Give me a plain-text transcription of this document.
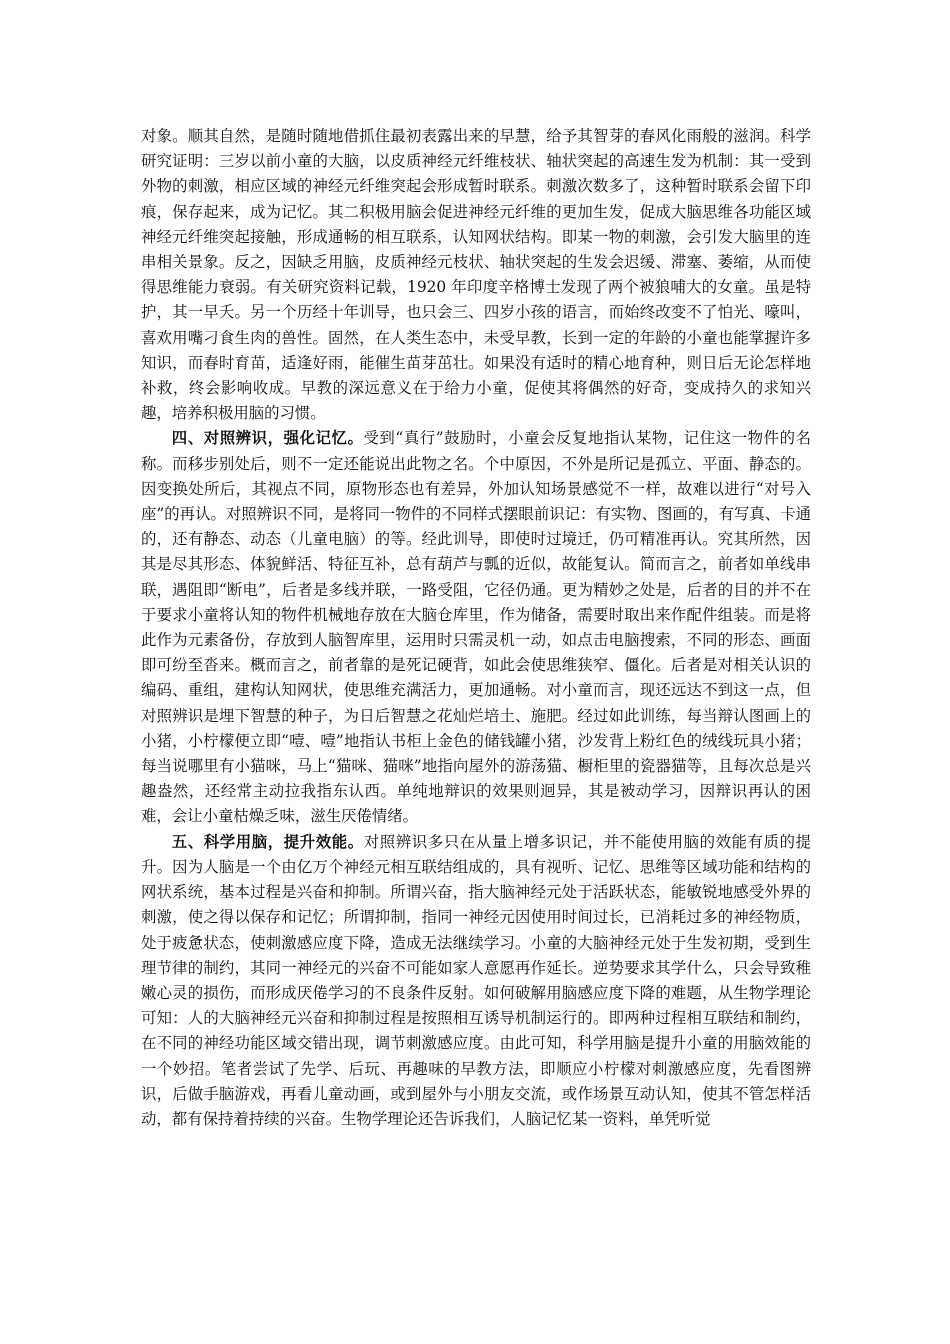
对象。顺其自然，是随时随地借抓住最初表露出来的早慧，给予其智芽的春风化雨般的滋润。科学研究证明：三岁以前小童的大脑，以皮质神经元纤维枝状、轴状突起的高速生发为机制：其一受到外物的刺激，相应区域的神经元纤维突起会形成暂时联系。刺激次数多了，这种暂时联系会留下印痕，保存起来，成为记忆。其二积极用脑会促进神经元纤维的更加生发，促成大脑思维各功能区域神经元纤维突起接触，形成通畅的相互联系，认知网状结构。即某一物的刺激，会引发大脑里的连串相关景象。反之，因缺乏用脑，皮质神经元枝状、轴状突起的生发会迟缓、滞塞、萎缩，从而使得思维能力衰弱。有关研究资料记载，1920 年印度辛格博士发现了两个被狼哺大的女童。虽是特护，其一早夭。另一个历经十年训导，也只会三、四岁小孩的语言，而始终改变不了怕光、嚎叫，喜欢用嘴刁食生肉的兽性。固然，在人类生态中，未受早教，长到一定的年龄的小童也能掌握许多知识，而春时育苗，适逢好雨，能催生苗芽茁壮。如果没有适时的精心地育种，则日后无论怎样地补救，终会影响收成。早教的深远意义在于给力小童，促使其将偶然的好奇，变成持久的求知兴趣，培养积极用脑的习惯。

四、对照辨识，强化记忆。受到“真行”鼓励时，小童会反复地指认某物，记住这一物件的名称。而移步别处后，则不一定还能说出此物之名。个中原因，不外是所记是孤立、平面、静态的。因变换处所后，其视点不同，原物形态也有差异，外加认知场景感觉不一样，故难以进行“对号入座”的再认。对照辨识不同，是将同一物件的不同样式摆眼前识记：有实物、图画的，有写真、卡通的，还有静态、动态（儿童电脑）的等。经此训导，即使时过境迁，仍可精准再认。究其所然，因其是尽其形态、体貌鲜活、特征互补，总有葫芦与瓢的近似，故能复认。简而言之，前者如单线串联，遇阻即“断电”，后者是多线并联，一路受阻，它径仍通。更为精妙之处是，后者的目的并不在于要求小童将认知的物件机械地存放在大脑仓库里，作为储备，需要时取出来作配件组装。而是将此作为元素备份，存放到人脑智库里，运用时只需灵机一动，如点击电脑搜索，不同的形态、画面即可纷至沓来。概而言之，前者靠的是死记硬背，如此会使思维狭窄、僵化。后者是对相关认识的编码、重组，建构认知网状，使思维充满活力，更加通畅。对小童而言，现还远达不到这一点，但对照辨识是埋下智慧的种子，为日后智慧之花灿烂培土、施肥。经过如此训练，每当辩认图画上的小猪，小柠檬便立即“噎、噎”地指认书柜上金色的储钱罐小猪，沙发背上粉红色的绒线玩具小猪；每当说哪里有小猫咪，马上“猫咪、猫咪”地指向屋外的游荡猫、橱柜里的瓷器猫等，且每次总是兴趣盎然，还经常主动拉我指东认西。单纯地辩识的效果则迥异，其是被动学习，因辩识再认的困难，会让小童枯燥乏味，滋生厌倦情绪。

五、科学用脑，提升效能。对照辨识多只在从量上增多识记，并不能使用脑的效能有质的提升。因为人脑是一个由亿万个神经元相互联结组成的，具有视听、记忆、思维等区域功能和结构的网状系统，基本过程是兴奋和抑制。所谓兴奋，指大脑神经元处于活跃状态，能敏锐地感受外界的刺激，使之得以保存和记忆；所谓抑制，指同一神经元因使用时间过长，已消耗过多的神经物质，处于疲惫状态，使刺激感应度下降，造成无法继续学习。小童的大脑神经元处于生发初期，受到生理节律的制约，其同一神经元的兴奋不可能如家人意愿再作延长。逆势要求其学什么，只会导致稚嫩心灵的损伤，而形成厌倦学习的不良条件反射。如何破解用脑感应度下降的难题，从生物学理论可知：人的大脑神经元兴奋和抑制过程是按照相互诱导机制运行的。即两种过程相互联结和制约，在不同的神经功能区域交错出现，调节刺激感应度。由此可知，科学用脑是提升小童的用脑效能的一个妙招。笔者尝试了先学、后玩、再趣味的早教方法，即顺应小柠檬对刺激感应度，先看图辨识，后做手脑游戏，再看儿童动画，或到屋外与小朋友交流，或作场景互动认知，使其不管怎样活动，都有保持着持续的兴奋。生物学理论还告诉我们，人脑记忆某一资料，单凭听觉
